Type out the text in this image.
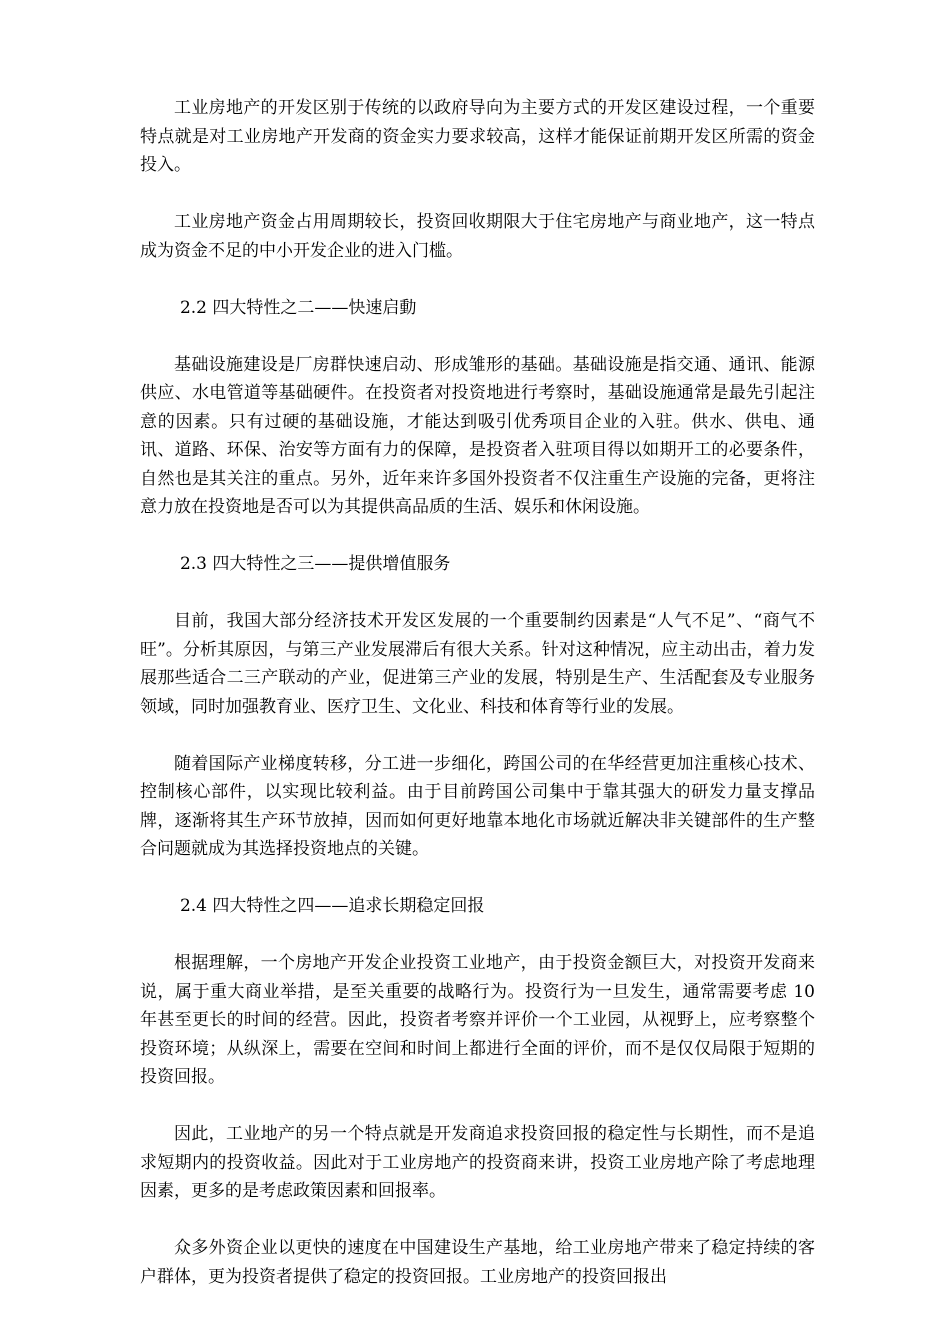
工业房地产的开发区别于传统的以政府导向为主要方式的开发区建设过程，一个重要特点就是对工业房地产开发商的资金实力要求较高，这样才能保证前期开发区所需的资金投入。

工业房地产资金占用周期较长，投资回收期限大于住宅房地产与商业地产，这一特点成为资金不足的中小开发企业的进入门槛。

2.2 四大特性之二——快速启動

基础设施建设是厂房群快速启动、形成雏形的基础。基础设施是指交通、通讯、能源供应、水电管道等基础硬件。在投资者对投资地进行考察时，基础设施通常是最先引起注意的因素。只有过硬的基础设施，才能达到吸引优秀项目企业的入驻。供水、供电、通讯、道路、环保、治安等方面有力的保障，是投资者入驻项目得以如期开工的必要条件，自然也是其关注的重点。另外，近年来许多国外投资者不仅注重生产设施的完备，更将注意力放在投资地是否可以为其提供高品质的生活、娱乐和休闲设施。

2.3 四大特性之三——提供增值服务

目前，我国大部分经济技术开发区发展的一个重要制约因素是“人气不足”、“商气不旺”。分析其原因，与第三产业发展滞后有很大关系。针对这种情况，应主动出击，着力发展那些适合二三产联动的产业，促进第三产业的发展，特别是生产、生活配套及专业服务领域，同时加强教育业、医疗卫生、文化业、科技和体育等行业的发展。

随着国际产业梯度转移，分工进一步细化，跨国公司的在华经营更加注重核心技术、控制核心部件，以实现比较利益。由于目前跨国公司集中于靠其强大的研发力量支撑品牌，逐渐将其生产环节放掉，因而如何更好地靠本地化市场就近解决非关键部件的生产整合问题就成为其选择投资地点的关键。

2.4 四大特性之四——追求长期稳定回报

根据理解，一个房地产开发企业投资工业地产，由于投资金额巨大，对投资开发商来说，属于重大商业举措，是至关重要的战略行为。投资行为一旦发生，通常需要考虑 10 年甚至更长的时间的经营。因此，投资者考察并评价一个工业园，从视野上，应考察整个投资环境；从纵深上，需要在空间和时间上都进行全面的评价，而不是仅仅局限于短期的投资回报。

因此，工业地产的另一个特点就是开发商追求投资回报的稳定性与长期性，而不是追求短期内的投资收益。因此对于工业房地产的投资商来讲，投资工业房地产除了考虑地理因素，更多的是考虑政策因素和回报率。

众多外资企业以更快的速度在中国建设生产基地，给工业房地产带来了稳定持续的客户群体，更为投资者提供了稳定的投资回报。工业房地产的投资回报出
